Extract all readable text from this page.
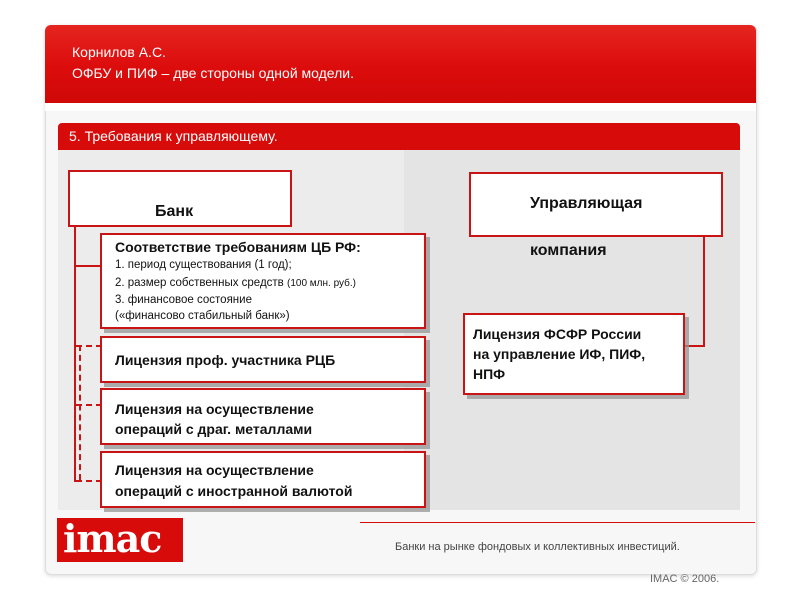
Корнилов А.С.
ОФБУ и ПИФ – две стороны одной модели.
5. Требования к управляющему.
Банк
Соответствие требованиям ЦБ РФ:
1. период существования (1 год);
2. размер собственных средств (100 млн. руб.)
3. финансовое состояние
(«финансово стабильный банк»)
Лицензия проф. участника РЦБ
Лицензия на осуществление
операций с драг. металлами
Лицензия на осуществление
операций с иностранной валютой
Управляющая
компания
Лицензия ФСФР России
на управление ИФ, ПИФ,
НПФ
imac	Банки на рынке фондовых и коллективных инвестиций.
IMAC © 2006.
